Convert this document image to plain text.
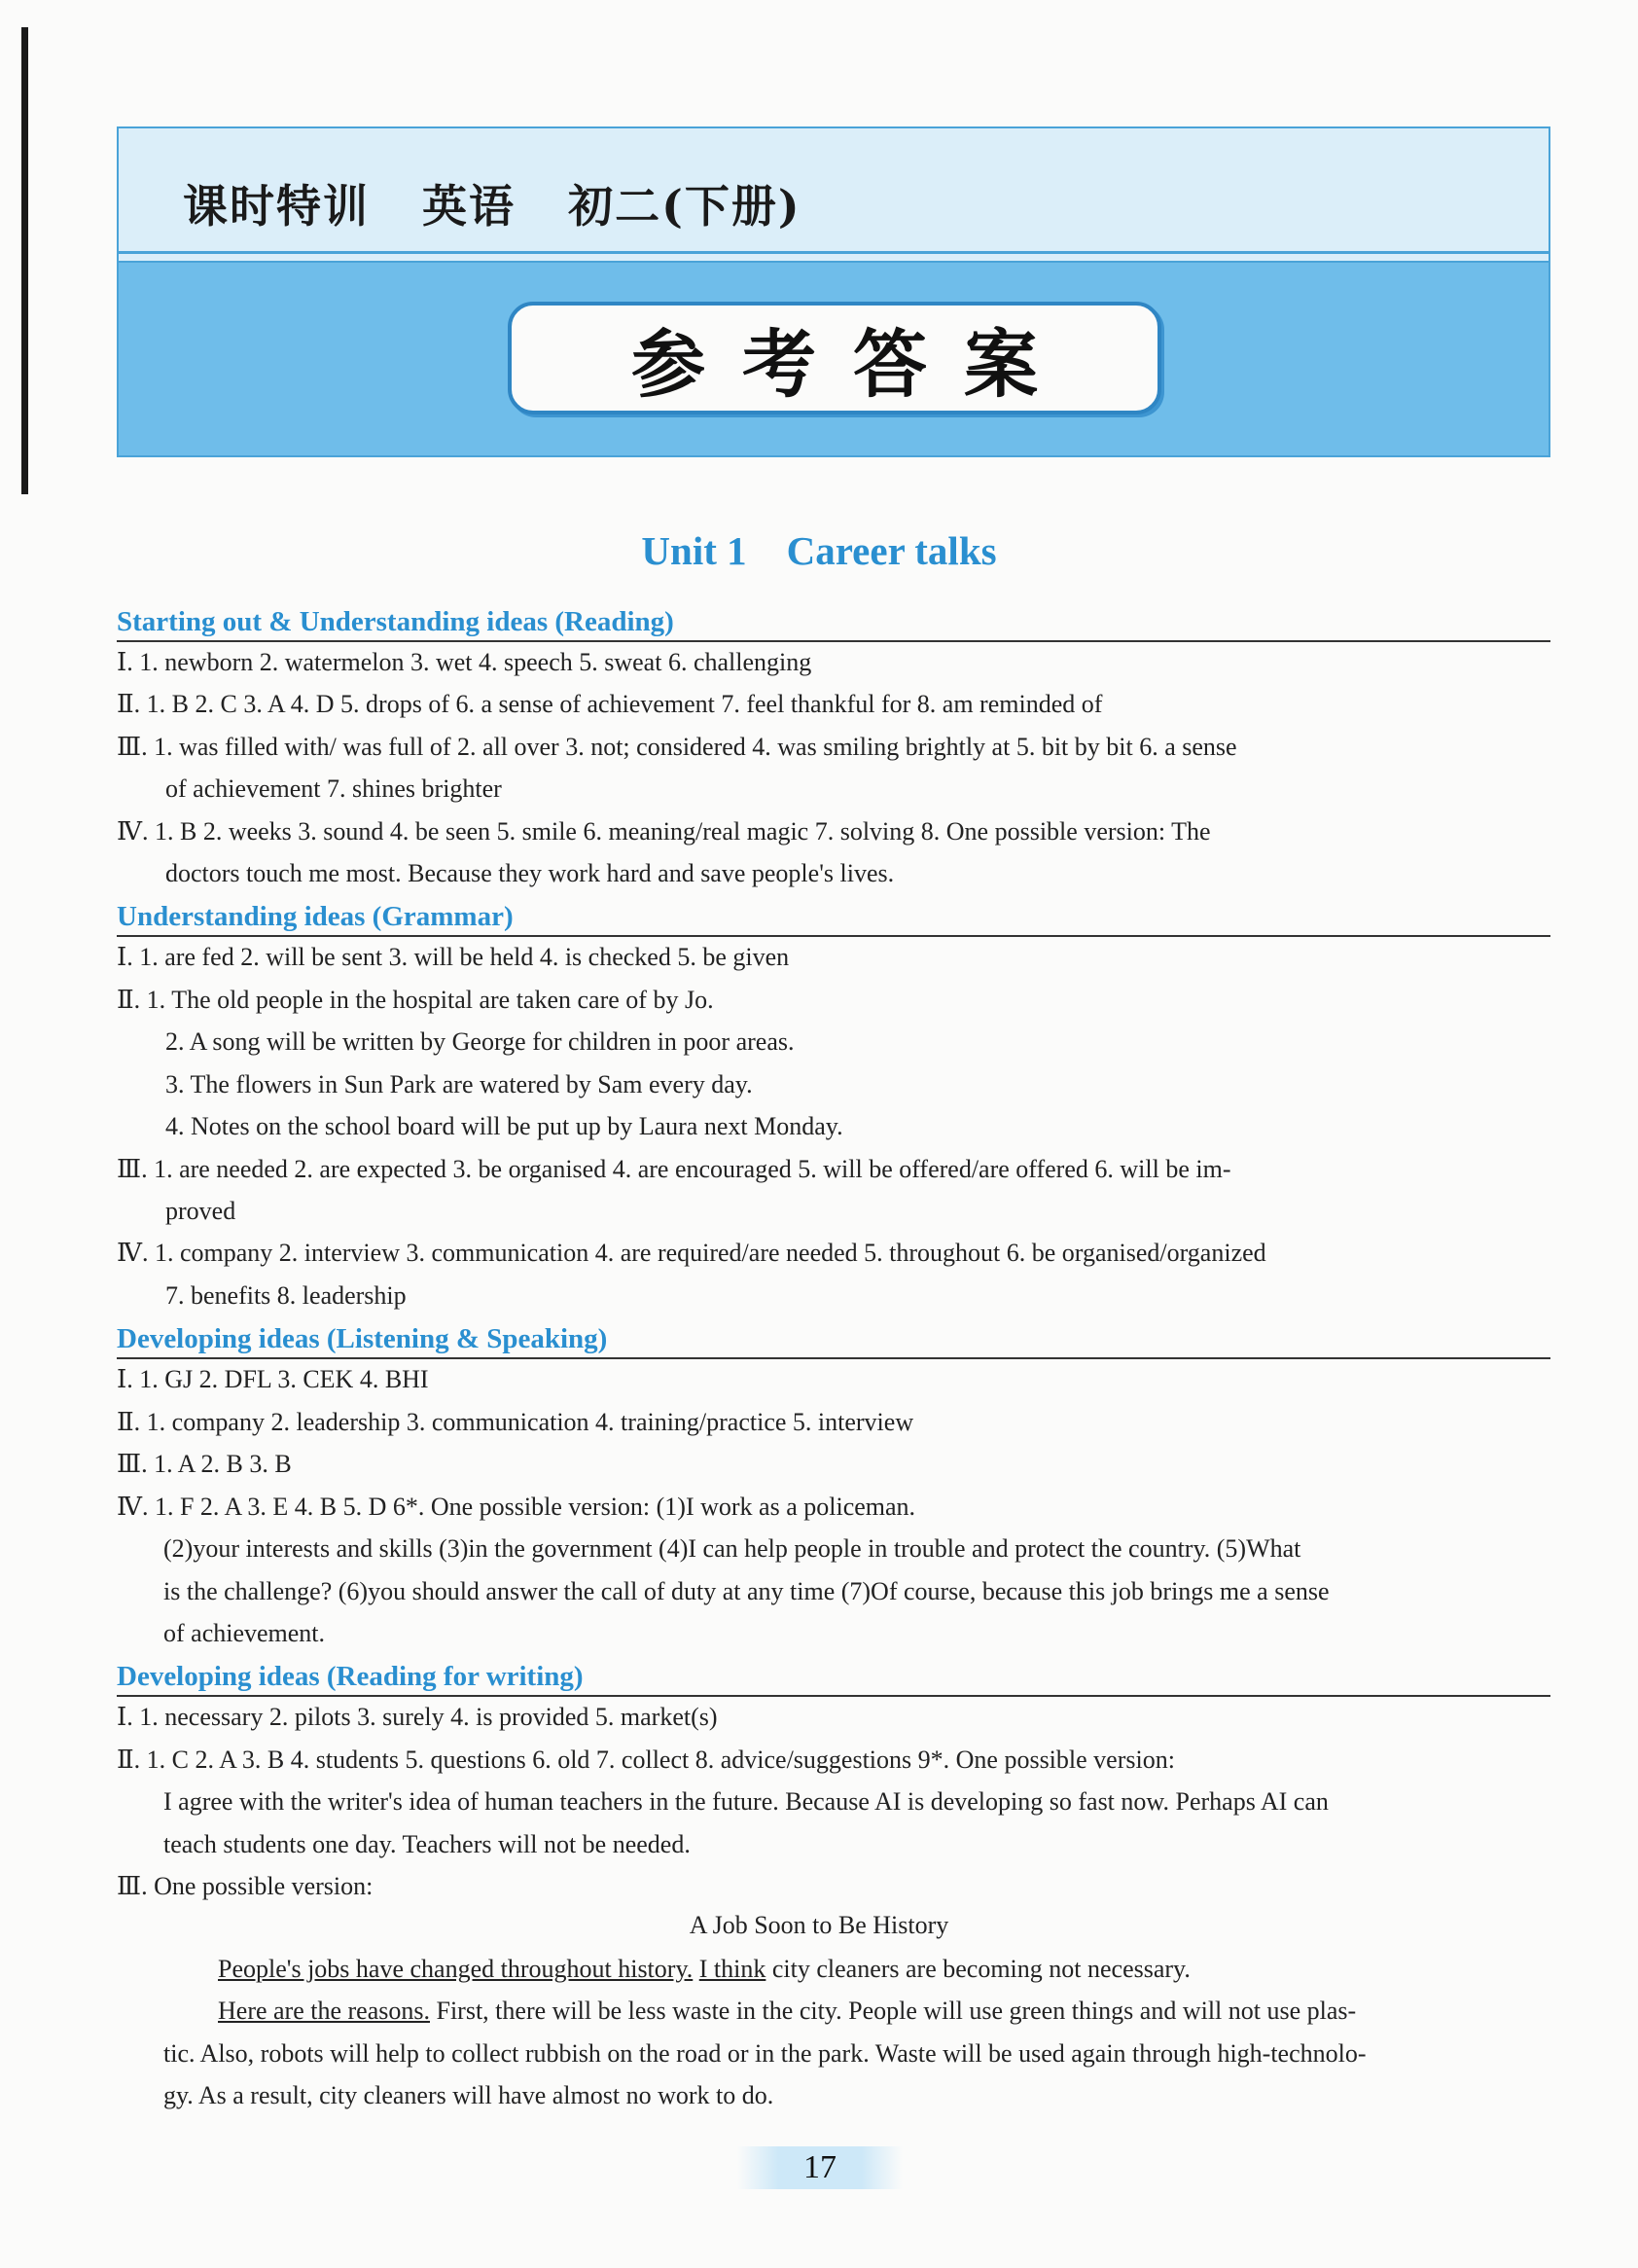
课时特训   英语   初二(下册)
参考答案
Unit 1    Career talks
Starting out & Understanding ideas (Reading)
Ⅰ. 1. newborn 2. watermelon 3. wet 4. speech 5. sweat 6. challenging
Ⅱ. 1. B 2. C 3. A 4. D 5. drops of 6. a sense of achievement 7. feel thankful for 8. am reminded of
Ⅲ. 1. was filled with/ was full of 2. all over 3. not; considered 4. was smiling brightly at 5. bit by bit 6. a sense
of achievement 7. shines brighter
Ⅳ. 1. B 2. weeks 3. sound 4. be seen 5. smile 6. meaning/real magic 7. solving 8. One possible version: The
doctors touch me most. Because they work hard and save people's lives.
Understanding ideas (Grammar)
Ⅰ. 1. are fed 2. will be sent 3. will be held 4. is checked 5. be given
Ⅱ. 1. The old people in the hospital are taken care of by Jo.
2. A song will be written by George for children in poor areas.
3. The flowers in Sun Park are watered by Sam every day.
4. Notes on the school board will be put up by Laura next Monday.
Ⅲ. 1. are needed 2. are expected 3. be organised 4. are encouraged 5. will be offered/are offered 6. will be im-
proved
Ⅳ. 1. company 2. interview 3. communication 4. are required/are needed 5. throughout 6. be organised/organized
7. benefits 8. leadership
Developing ideas (Listening & Speaking)
Ⅰ. 1. GJ 2. DFL 3. CEK 4. BHI
Ⅱ. 1. company 2. leadership 3. communication 4. training/practice 5. interview
Ⅲ. 1. A 2. B 3. B
Ⅳ. 1. F 2. A 3. E 4. B 5. D 6*. One possible version: (1)I work as a policeman.
(2)your interests and skills (3)in the government (4)I can help people in trouble and protect the country. (5)What
is the challenge? (6)you should answer the call of duty at any time (7)Of course, because this job brings me a sense
of achievement.
Developing ideas (Reading for writing)
Ⅰ. 1. necessary 2. pilots 3. surely 4. is provided 5. market(s)
Ⅱ. 1. C 2. A 3. B 4. students 5. questions 6. old 7. collect 8. advice/suggestions 9*. One possible version:
I agree with the writer's idea of human teachers in the future. Because AI is developing so fast now. Perhaps AI can
teach students one day. Teachers will not be needed.
Ⅲ. One possible version:
A Job Soon to Be History
People's jobs have changed throughout history. I think city cleaners are becoming not necessary.
Here are the reasons. First, there will be less waste in the city. People will use green things and will not use plas-
tic. Also, robots will help to collect rubbish on the road or in the park. Waste will be used again through high-technolo-
gy. As a result, city cleaners will have almost no work to do.
17
